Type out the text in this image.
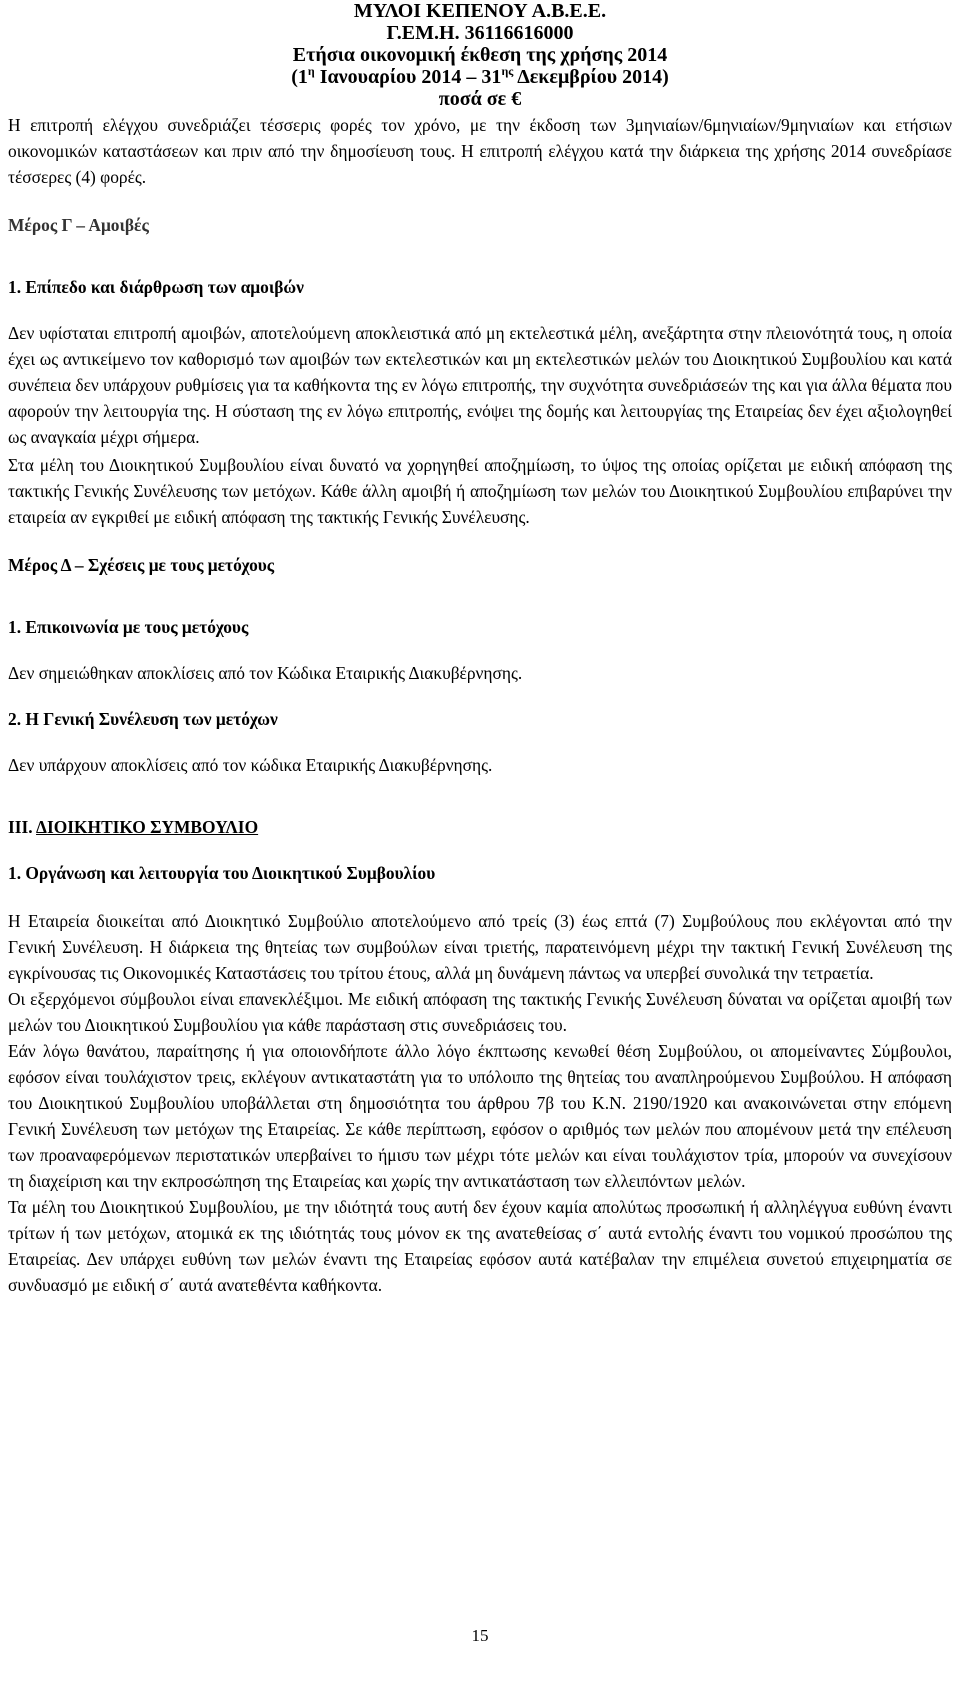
ΜΥΛΟΙ ΚΕΠΕΝΟΥ Α.Β.Ε.Ε.
Γ.ΕΜ.Η. 36116616000
Ετήσια οικονομική έκθεση της χρήσης 2014
($1^\eta$ Ιανουαρίου $2014 - 31^{\eta\varsigma}$ Δεκεμβρίου 2014)
ποσά σε €

Η επιτροπή ελέγχου συνεδριάζει τέσσερις φορές τον χρόνο, με την έκδοση των 3μηνιαίων/6μηνιαίων/9μηνιαίων και ετήσιων οικονομικών καταστάσεων και πριν από την δημοσίευση τους. Η επιτροπή ελέγχου κατά την διάρκεια της χρήσης 2014 συνεδρίασε τέσσερες (4) φορές.

Μέρος Γ – Αμοιβές

1. Επίπεδο και διάρθρωση των αμοιβών

Δεν υφίσταται επιτροπή αμοιβών, αποτελούμενη αποκλειστικά από μη εκτελεστικά μέλη, ανεξάρτητα στην πλειονότητά τους, η οποία έχει ως αντικείμενο τον καθορισμό των αμοιβών των εκτελεστικών και μη εκτελεστικών μελών του Διοικητικού Συμβουλίου και κατά συνέπεια δεν υπάρχουν ρυθμίσεις για τα καθήκοντα της εν λόγω επιτροπής, την συχνότητα συνεδριάσεών της και για άλλα θέματα που αφορούν την λειτουργία της. Η σύσταση της εν λόγω επιτροπής, ενόψει της δομής και λειτουργίας της Εταιρείας δεν έχει αξιολογηθεί ως αναγκαία μέχρι σήμερα.

Στα μέλη του Διοικητικού Συμβουλίου είναι δυνατό να χορηγηθεί αποζημίωση, το ύψος της οποίας ορίζεται με ειδική απόφαση της τακτικής Γενικής Συνέλευσης των μετόχων. Κάθε άλλη αμοιβή ή αποζημίωση των μελών του Διοικητικού Συμβουλίου επιβαρύνει την εταιρεία αν εγκριθεί με ειδική απόφαση της τακτικής Γενικής Συνέλευσης.

Μέρος Δ – Σχέσεις με τους μετόχους

1. Επικοινωνία με τους μετόχους

Δεν σημειώθηκαν αποκλίσεις από τον Κώδικα Εταιρικής Διακυβέρνησης.

2. Η Γενική Συνέλευση των μετόχων

Δεν υπάρχουν αποκλίσεις από τον κώδικα Εταιρικής Διακυβέρνησης.

ΙΙΙ. ΔΙΟΙΚΗΤΙΚΟ ΣΥΜΒΟΥΛΙΟ

1. Οργάνωση και λειτουργία του Διοικητικού Συμβουλίου

Η Εταιρεία διοικείται από Διοικητικό Συμβούλιο αποτελούμενο από τρείς (3) έως επτά (7) Συμβούλους που εκλέγονται από την Γενική Συνέλευση. Η διάρκεια της θητείας των συμβούλων είναι τριετής, παρατεινόμενη μέχρι την τακτική Γενική Συνέλευση της εγκρίνουσας τις Οικονομικές Καταστάσεις του τρίτου έτους, αλλά μη δυνάμενη πάντως να υπερβεί συνολικά την τετραετία.

Οι εξερχόμενοι σύμβουλοι είναι επανεκλέξιμοι. Με ειδική απόφαση της τακτικής Γενικής Συνέλευση δύναται να ορίζεται αμοιβή των μελών του Διοικητικού Συμβουλίου για κάθε παράσταση στις συνεδριάσεις του.

Εάν λόγω θανάτου, παραίτησης ή για οποιονδήποτε άλλο λόγο έκπτωσης κενωθεί θέση Συμβούλου, οι απομείναντες Σύμβουλοι, εφόσον είναι τουλάχιστον τρεις, εκλέγουν αντικαταστάτη για το υπόλοιπο της θητείας του αναπληρούμενου Συμβούλου. Η απόφαση του Διοικητικού Συμβουλίου υποβάλλεται στη δημοσιότητα του άρθρου 7β του Κ.Ν. 2190/1920 και ανακοινώνεται στην επόμενη Γενική Συνέλευση των μετόχων της Εταιρείας. Σε κάθε περίπτωση, εφόσον ο αριθμός των μελών που απομένουν μετά την επέλευση των προαναφερόμενων περιστατικών υπερβαίνει το ήμισυ των μέχρι τότε μελών και είναι τουλάχιστον τρία, μπορούν να συνεχίσουν τη διαχείριση και την εκπροσώπηση της Εταιρείας και χωρίς την αντικατάσταση των ελλειπόντων μελών.

Τα μέλη του Διοικητικού Συμβουλίου, με την ιδιότητά τους αυτή δεν έχουν καμία απολύτως προσωπική ή αλληλέγγυα ευθύνη έναντι τρίτων ή των μετόχων, ατομικά εκ της ιδιότητάς τους μόνον εκ της ανατεθείσας σ΄ αυτά εντολής έναντι του νομικού προσώπου της Εταιρείας. Δεν υπάρχει ευθύνη των μελών έναντι της Εταιρείας εφόσον αυτά κατέβαλαν την επιμέλεια συνετού επιχειρηματία σε συνδυασμό με ειδική σ΄ αυτά ανατεθέντα καθήκοντα.

15
